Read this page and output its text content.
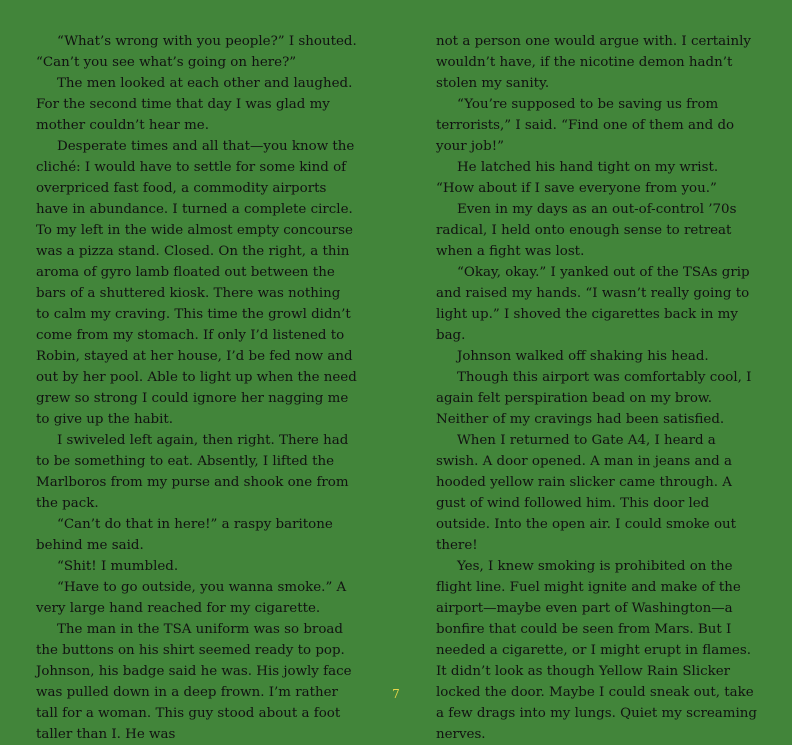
“What’s wrong with you people?” I shouted. “Can’t you see what’s going on here?”

The men looked at each other and laughed. For the second time that day I was glad my mother couldn’t hear me.

Desperate times and all that—you know the cliché: I would have to settle for some kind of overpriced fast food, a commodity airports have in abundance. I turned a complete circle. To my left in the wide almost empty concourse was a pizza stand. Closed. On the right, a thin aroma of gyro lamb floated out between the bars of a shuttered kiosk. There was nothing to calm my craving. This time the growl didn’t come from my stomach. If only I’d listened to Robin, stayed at her house, I’d be fed now and out by her pool. Able to light up when the need grew so strong I could ignore her nagging me to give up the habit.

I swiveled left again, then right. There had to be something to eat. Absently, I lifted the Marlboros from my purse and shook one from the pack.

“Can’t do that in here!” a raspy baritone behind me said.

“Shit! I mumbled.

“Have to go outside, you wanna smoke.” A very large hand reached for my cigarette.

The man in the TSA uniform was so broad the buttons on his shirt seemed ready to pop. Johnson, his badge said he was. His jowly face was pulled down in a deep frown. I’m rather tall for a woman. This guy stood about a foot taller than I. He was

not a person one would argue with. I certainly wouldn’t have, if the nicotine demon hadn’t stolen my sanity.

“You’re supposed to be saving us from terrorists,” I said. “Find one of them and do your job!”

He latched his hand tight on my wrist. “How about if I save everyone from you.”

Even in my days as an out-of-control ’70s radical, I held onto enough sense to retreat when a fight was lost.

“Okay, okay.” I yanked out of the TSAs grip and raised my hands. “I wasn’t really going to light up.” I shoved the cigarettes back in my bag.

Johnson walked off shaking his head.

Though this airport was comfortably cool, I again felt perspiration bead on my brow. Neither of my cravings had been satisfied.

When I returned to Gate A4, I heard a swish. A door opened. A man in jeans and a hooded yellow rain slicker came through. A gust of wind followed him. This door led outside. Into the open air. I could smoke out there!

Yes, I knew smoking is prohibited on the flight line. Fuel might ignite and make of the airport—maybe even part of Washington—a bonfire that could be seen from Mars. But I needed a cigarette, or I might erupt in flames. It didn’t look as though Yellow Rain Slicker locked the door. Maybe I could sneak out, take a few drags into my lungs. Quiet my screaming nerves.

7
